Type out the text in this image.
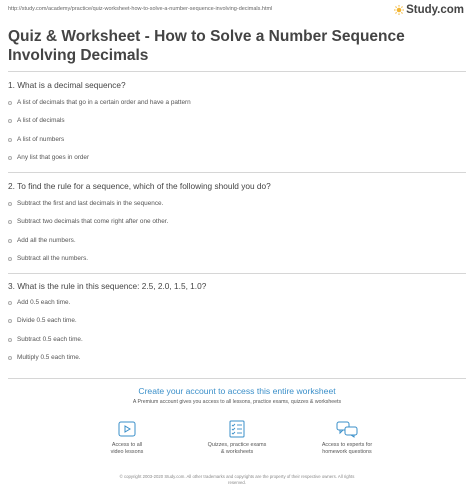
http://study.com/academy/practice/quiz-worksheet-how-to-solve-a-number-sequence-involving-decimals.html	Study.com
Quiz & Worksheet - How to Solve a Number Sequence Involving Decimals
1. What is a decimal sequence?
A list of decimals that go in a certain order and have a pattern
A list of decimals
A list of numbers
Any list that goes in order
2. To find the rule for a sequence, which of the following should you do?
Subtract the first and last decimals in the sequence.
Subtract two decimals that come right after one other.
Add all the numbers.
Subtract all the numbers.
3. What is the rule in this sequence: 2.5, 2.0, 1.5, 1.0?
Add 0.5 each time.
Divide 0.5 each time.
Subtract 0.5 each time.
Multiply 0.5 each time.
Create your account to access this entire worksheet
A Premium account gives you access to all lessons, practice exams, quizzes & worksheets
Access to all
video lessons
Quizzes, practice exams
& worksheets
Access to experts for
homework questions
© copyright 2003-2020 Study.com. All other trademarks and copyrights are the property of their respective owners. All rights
reserved.
